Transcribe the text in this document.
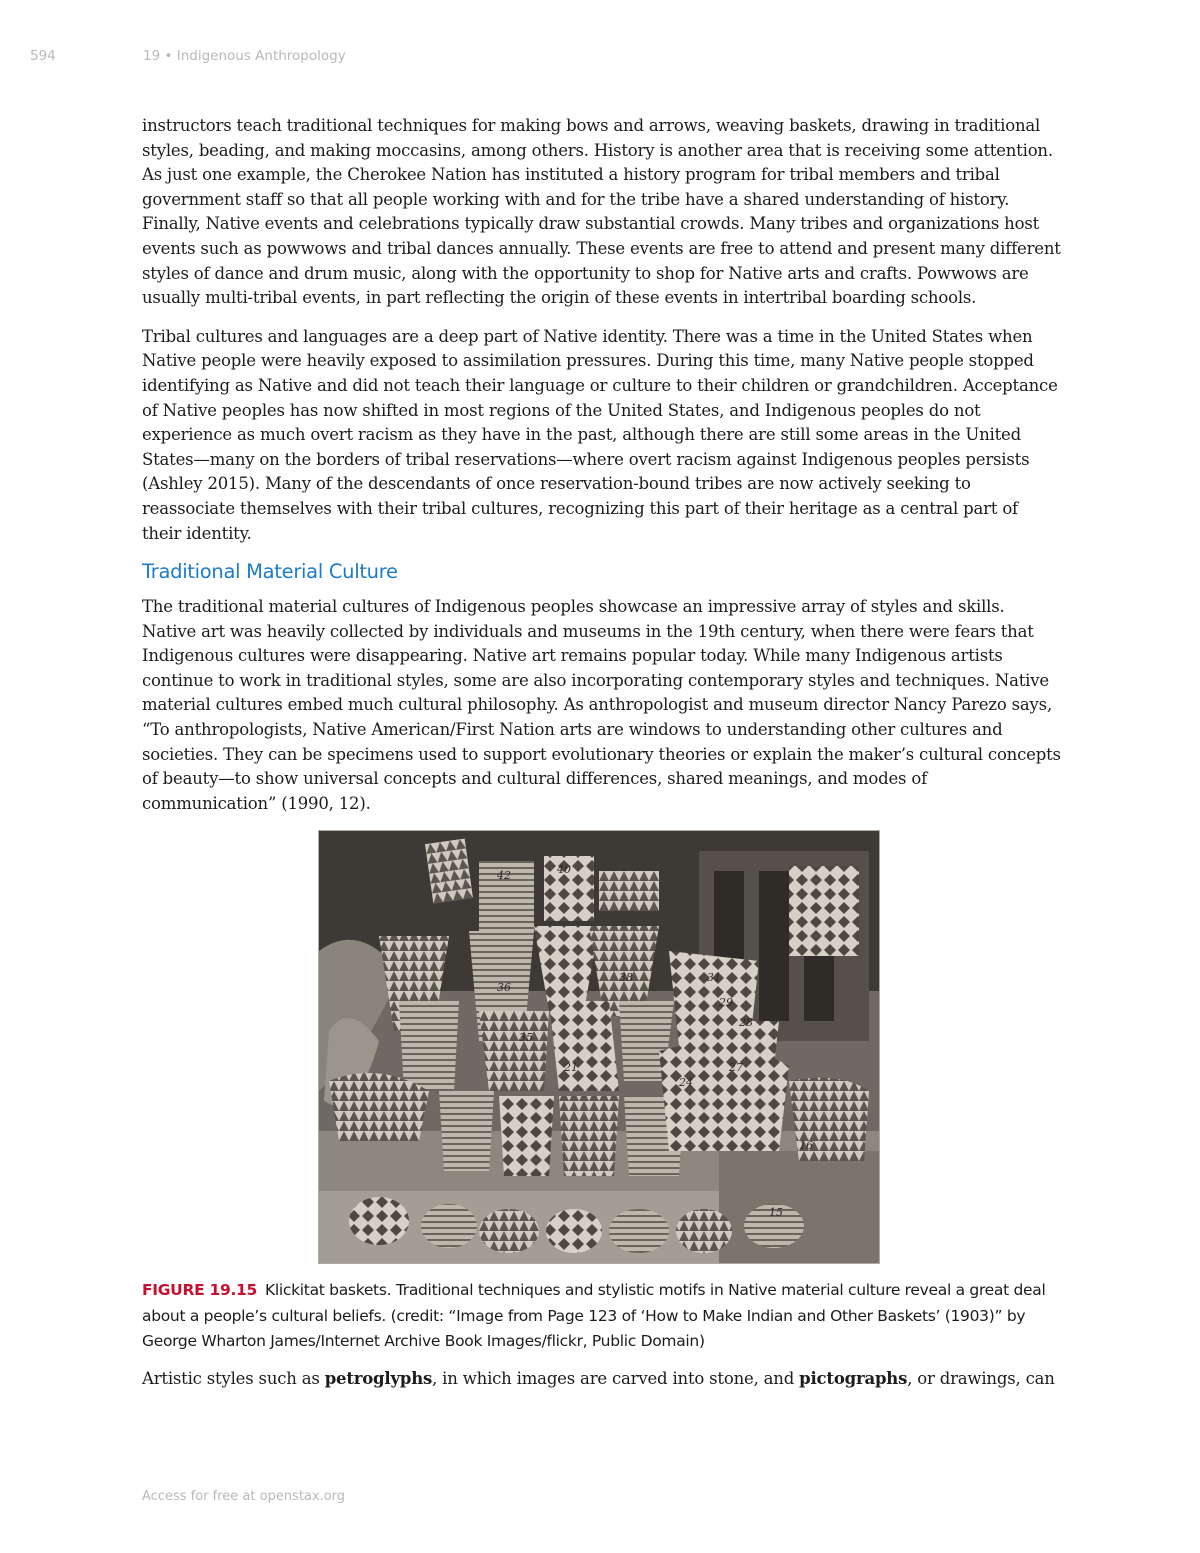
594	19 • Indigenous Anthropology

instructors teach traditional techniques for making bows and arrows, weaving baskets, drawing in traditional styles, beading, and making moccasins, among others. History is another area that is receiving some attention. As just one example, the Cherokee Nation has instituted a history program for tribal members and tribal government staff so that all people working with and for the tribe have a shared understanding of history. Finally, Native events and celebrations typically draw substantial crowds. Many tribes and organizations host events such as powwows and tribal dances annually. These events are free to attend and present many different styles of dance and drum music, along with the opportunity to shop for Native arts and crafts. Powwows are usually multi-tribal events, in part reflecting the origin of these events in intertribal boarding schools.

Tribal cultures and languages are a deep part of Native identity. There was a time in the United States when Native people were heavily exposed to assimilation pressures. During this time, many Native people stopped identifying as Native and did not teach their language or culture to their children or grandchildren. Acceptance of Native peoples has now shifted in most regions of the United States, and Indigenous peoples do not experience as much overt racism as they have in the past, although there are still some areas in the United States—many on the borders of tribal reservations—where overt racism against Indigenous peoples persists (Ashley 2015). Many of the descendants of once reservation-bound tribes are now actively seeking to reassociate themselves with their tribal cultures, recognizing this part of their heritage as a central part of their identity.

Traditional Material Culture

The traditional material cultures of Indigenous peoples showcase an impressive array of styles and skills. Native art was heavily collected by individuals and museums in the 19th century, when there were fears that Indigenous cultures were disappearing. Native art remains popular today. While many Indigenous artists continue to work in traditional styles, some are also incorporating contemporary styles and techniques. Native material cultures embed much cultural philosophy. As anthropologist and museum director Nancy Parezo says, “To anthropologists, Native American/First Nation arts are windows to understanding other cultures and societies. They can be specimens used to support evolutionary theories or explain the maker’s cultural concepts of beauty—to show universal concepts and cultural differences, shared meanings, and modes of communication” (1990, 12).

42	40
36
31
38
29
35
27
21
28
24
16
15
FIGURE 19.15 Klickitat baskets. Traditional techniques and stylistic motifs in Native material culture reveal a great deal about a people’s cultural beliefs. (credit: “Image from Page 123 of ‘How to Make Indian and Other Baskets’ (1903)” by George Wharton James/Internet Archive Book Images/flickr, Public Domain)

Artistic styles such as petroglyphs, in which images are carved into stone, and pictographs, or drawings, can

Access for free at openstax.org
